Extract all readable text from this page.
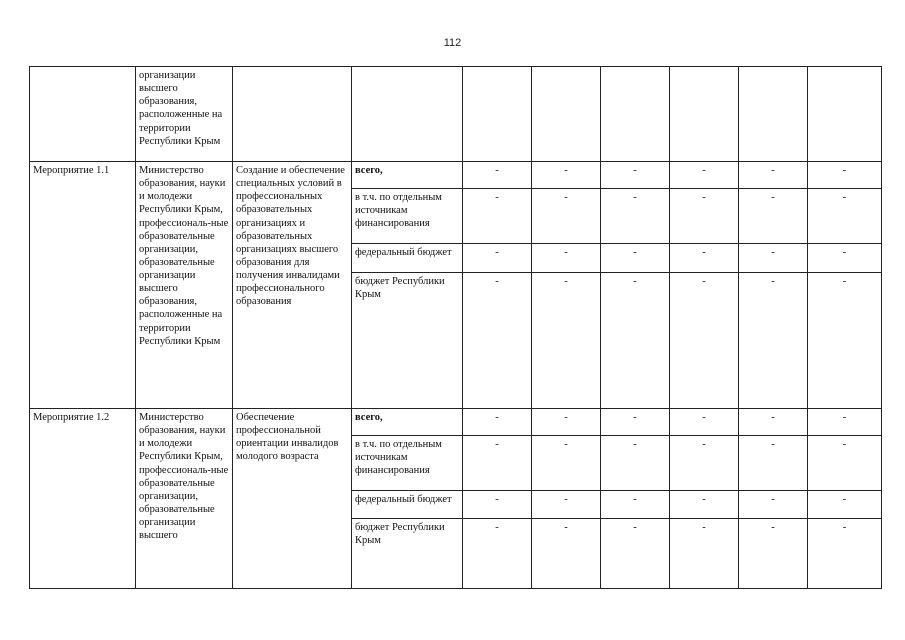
112
	организации высшего образования, расположенные на территории Республики Крым								
Мероприятие 1.1	Министерство образования, науки и молодежи Республики Крым, профессиональ-ные образовательные организации, образовательные организации высшего образования, расположенные на территории Республики Крым	Создание и обеспечение специальных условий в профессиональных образовательных организациях и образовательных организациях высшего образования для получения инвалидами профессионального образования	всего,	-	-	-	-	-	-
			в т.ч. по отдельным источникам финансирования	-	-	-	-	-	-
			федеральный бюджет	-	-	-	-	-	-
			бюджет Республики Крым	-	-	-	-	-	-
Мероприятие 1.2	Министерство образования, науки и молодежи Республики Крым, профессиональ-ные образовательные организации, образовательные организации высшего	Обеспечение профессиональной ориентации инвалидов молодого возраста	всего,	-	-	-	-	-	-
			в т.ч. по отдельным источникам финансирования	-	-	-	-	-	-
			федеральный бюджет	-	-	-	-	-	-
			бюджет Республики Крым	-	-	-	-	-	-
